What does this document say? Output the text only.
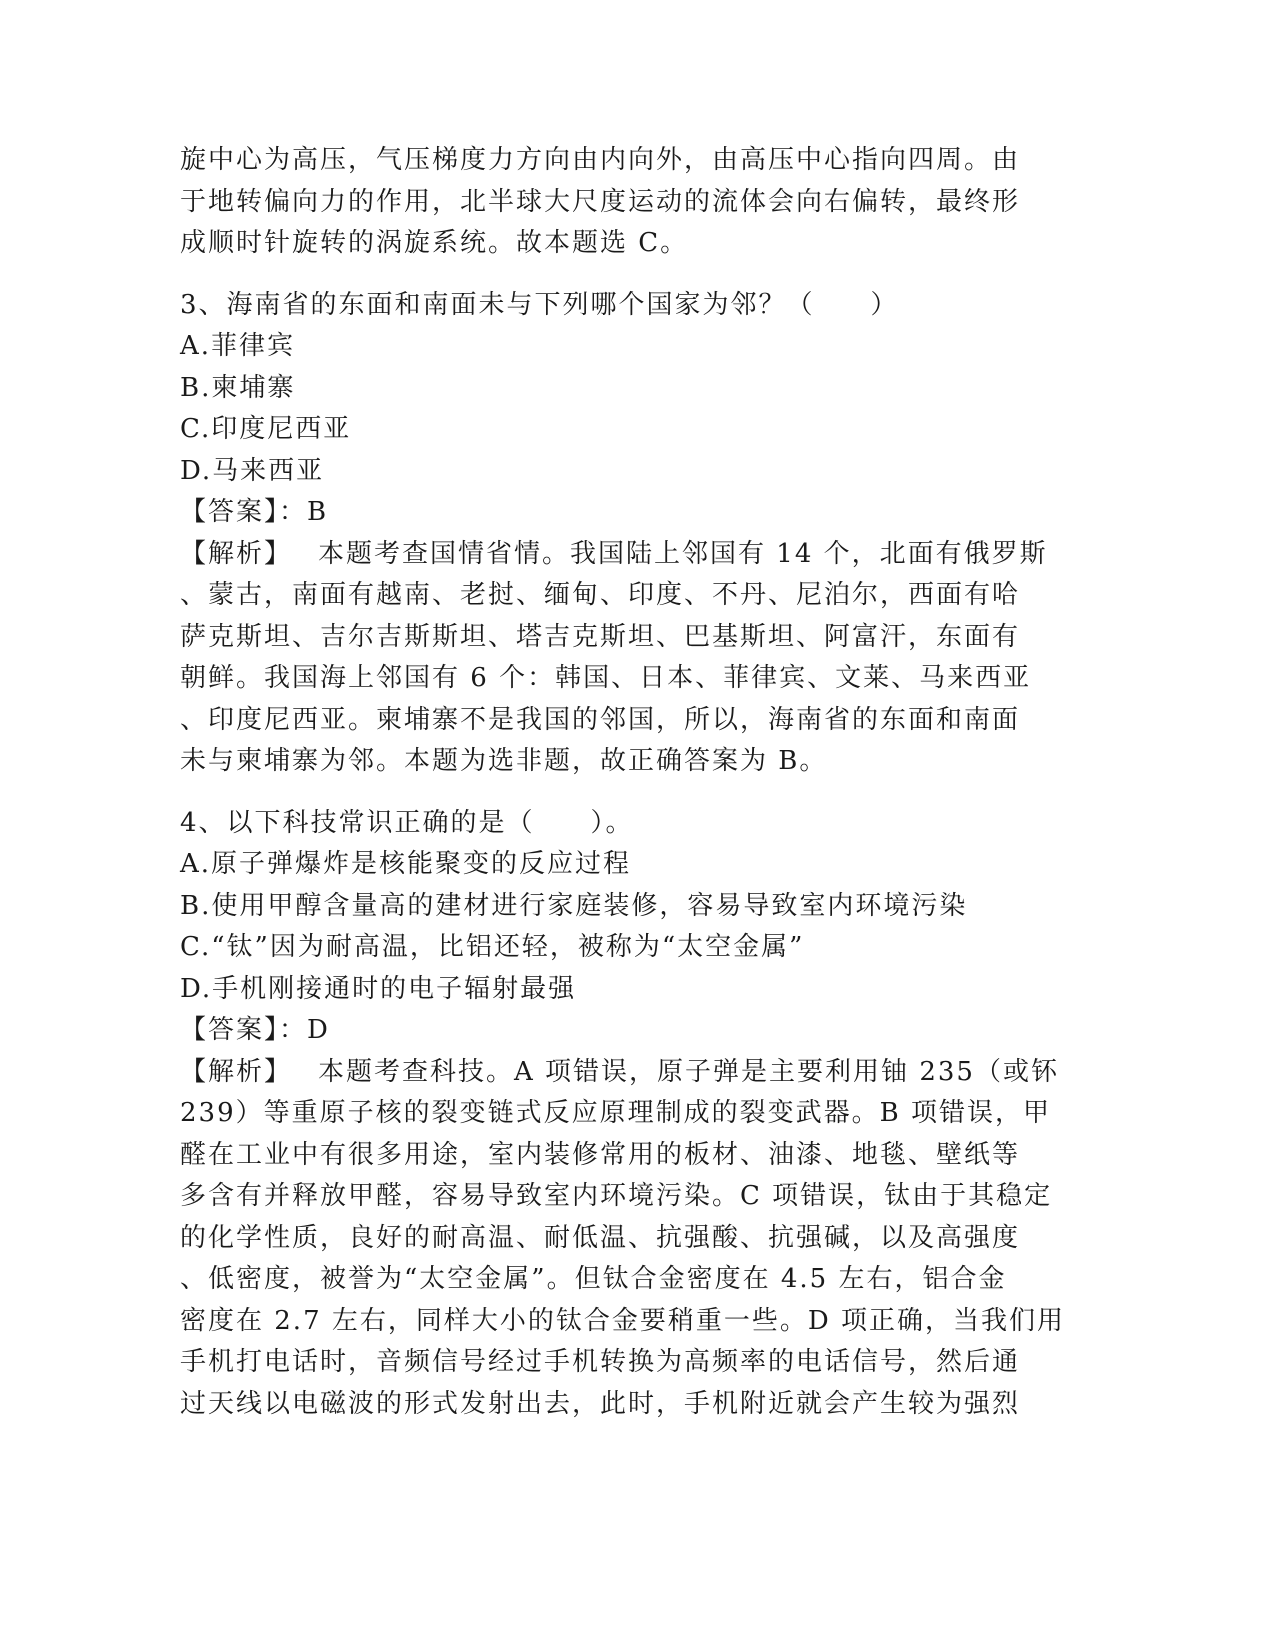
旋中心为高压，气压梯度力方向由内向外，由高压中心指向四周。由
于地转偏向力的作用，北半球大尺度运动的流体会向右偏转，最终形
成顺时针旋转的涡旋系统。故本题选 C。
3、海南省的东面和南面未与下列哪个国家为邻？（　　）
A.菲律宾
B.柬埔寨
C.印度尼西亚
D.马来西亚
【答案】：B
【解析】 本题考查国情省情。我国陆上邻国有 14 个，北面有俄罗斯
、蒙古，南面有越南、老挝、缅甸、印度、不丹、尼泊尔，西面有哈
萨克斯坦、吉尔吉斯斯坦、塔吉克斯坦、巴基斯坦、阿富汗，东面有
朝鲜。我国海上邻国有 6 个：韩国、日本、菲律宾、文莱、马来西亚
、印度尼西亚。柬埔寨不是我国的邻国，所以，海南省的东面和南面
未与柬埔寨为邻。本题为选非题，故正确答案为 B。
4、以下科技常识正确的是（　　）。
A.原子弹爆炸是核能聚变的反应过程
B.使用甲醇含量高的建材进行家庭装修，容易导致室内环境污染
C.“钛”因为耐高温，比铝还轻，被称为“太空金属”
D.手机刚接通时的电子辐射最强
【答案】：D
【解析】 本题考查科技。A 项错误，原子弹是主要利用铀 235（或钚
239）等重原子核的裂变链式反应原理制成的裂变武器。B 项错误，甲
醛在工业中有很多用途，室内装修常用的板材、油漆、地毯、壁纸等
多含有并释放甲醛，容易导致室内环境污染。C 项错误，钛由于其稳定
的化学性质，良好的耐高温、耐低温、抗强酸、抗强碱，以及高强度
、低密度，被誉为“太空金属”。但钛合金密度在 4.5 左右，铝合金
密度在 2.7 左右，同样大小的钛合金要稍重一些。D 项正确，当我们用
手机打电话时，音频信号经过手机转换为高频率的电话信号，然后通
过天线以电磁波的形式发射出去，此时，手机附近就会产生较为强烈
